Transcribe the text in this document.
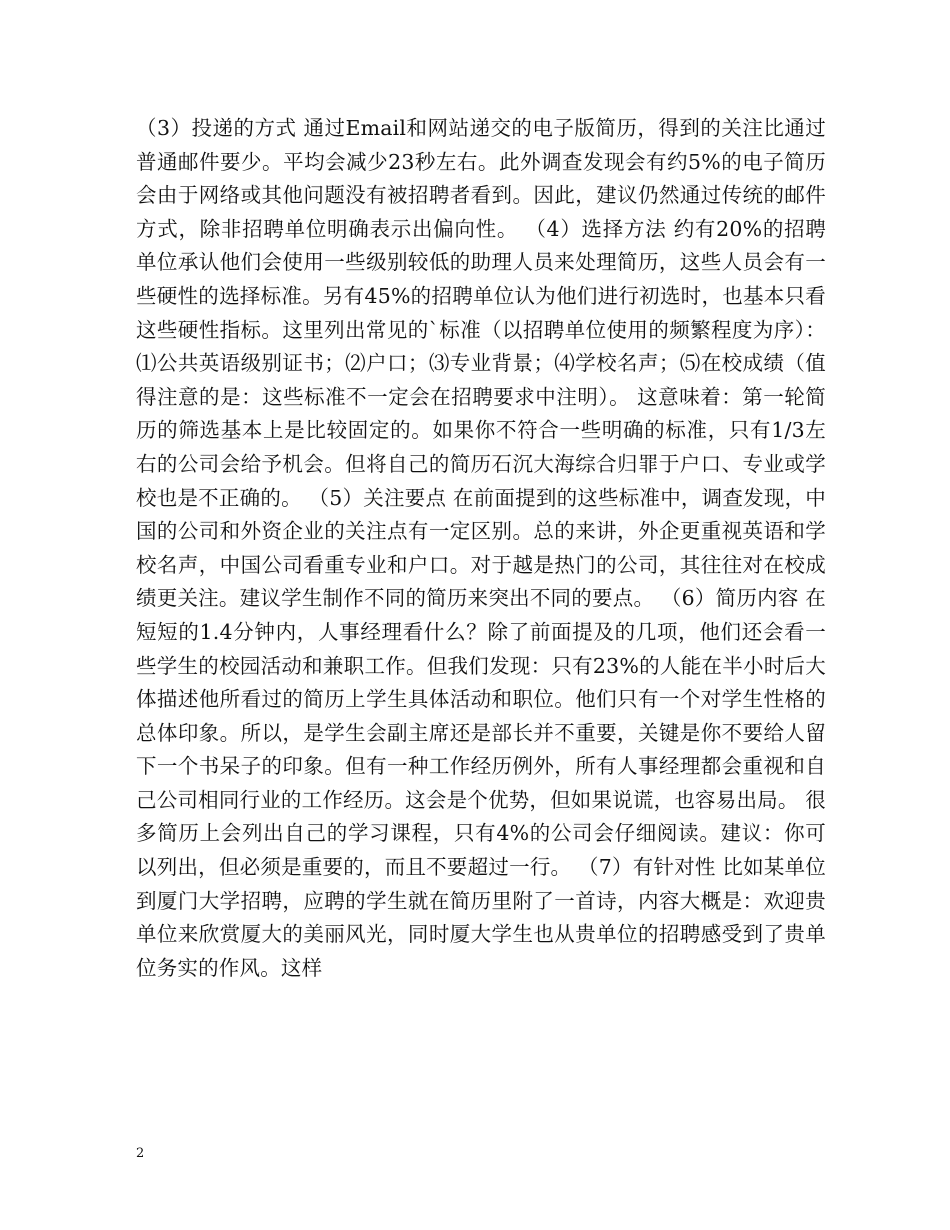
（3）投递的方式 通过Email和网站递交的电子版简历，得到的关注比通过普通邮件要少。平均会减少23秒左右。此外调查发现会有约5%的电子简历会由于网络或其他问题没有被招聘者看到。因此，建议仍然通过传统的邮件方式，除非招聘单位明确表示出偏向性。 （4）选择方法 约有20%的招聘单位承认他们会使用一些级别较低的助理人员来处理简历，这些人员会有一些硬性的选择标准。另有45%的招聘单位认为他们进行初选时，也基本只看这些硬性指标。这里列出常见的`标准（以招聘单位使用的频繁程度为序）：⑴公共英语级别证书；⑵户口；⑶专业背景；⑷学校名声；⑸在校成绩（值得注意的是：这些标准不一定会在招聘要求中注明）。 这意味着：第一轮简历的筛选基本上是比较固定的。如果你不符合一些明确的标准，只有1/3左右的公司会给予机会。但将自己的简历石沉大海综合归罪于户口、专业或学校也是不正确的。 （5）关注要点 在前面提到的这些标准中，调查发现，中国的公司和外资企业的关注点有一定区别。总的来讲，外企更重视英语和学校名声，中国公司看重专业和户口。对于越是热门的公司，其往往对在校成绩更关注。建议学生制作不同的简历来突出不同的要点。 （6）简历内容 在短短的1.4分钟内，人事经理看什么？除了前面提及的几项，他们还会看一些学生的校园活动和兼职工作。但我们发现：只有23%的人能在半小时后大体描述他所看过的简历上学生具体活动和职位。他们只有一个对学生性格的总体印象。所以，是学生会副主席还是部长并不重要，关键是你不要给人留下一个书呆子的印象。但有一种工作经历例外，所有人事经理都会重视和自己公司相同行业的工作经历。这会是个优势，但如果说谎，也容易出局。 很多简历上会列出自己的学习课程，只有4%的公司会仔细阅读。建议：你可以列出，但必须是重要的，而且不要超过一行。 （7）有针对性 比如某单位到厦门大学招聘，应聘的学生就在简历里附了一首诗，内容大概是：欢迎贵单位来欣赏厦大的美丽风光，同时厦大学生也从贵单位的招聘感受到了贵单位务实的作风。这样

2
